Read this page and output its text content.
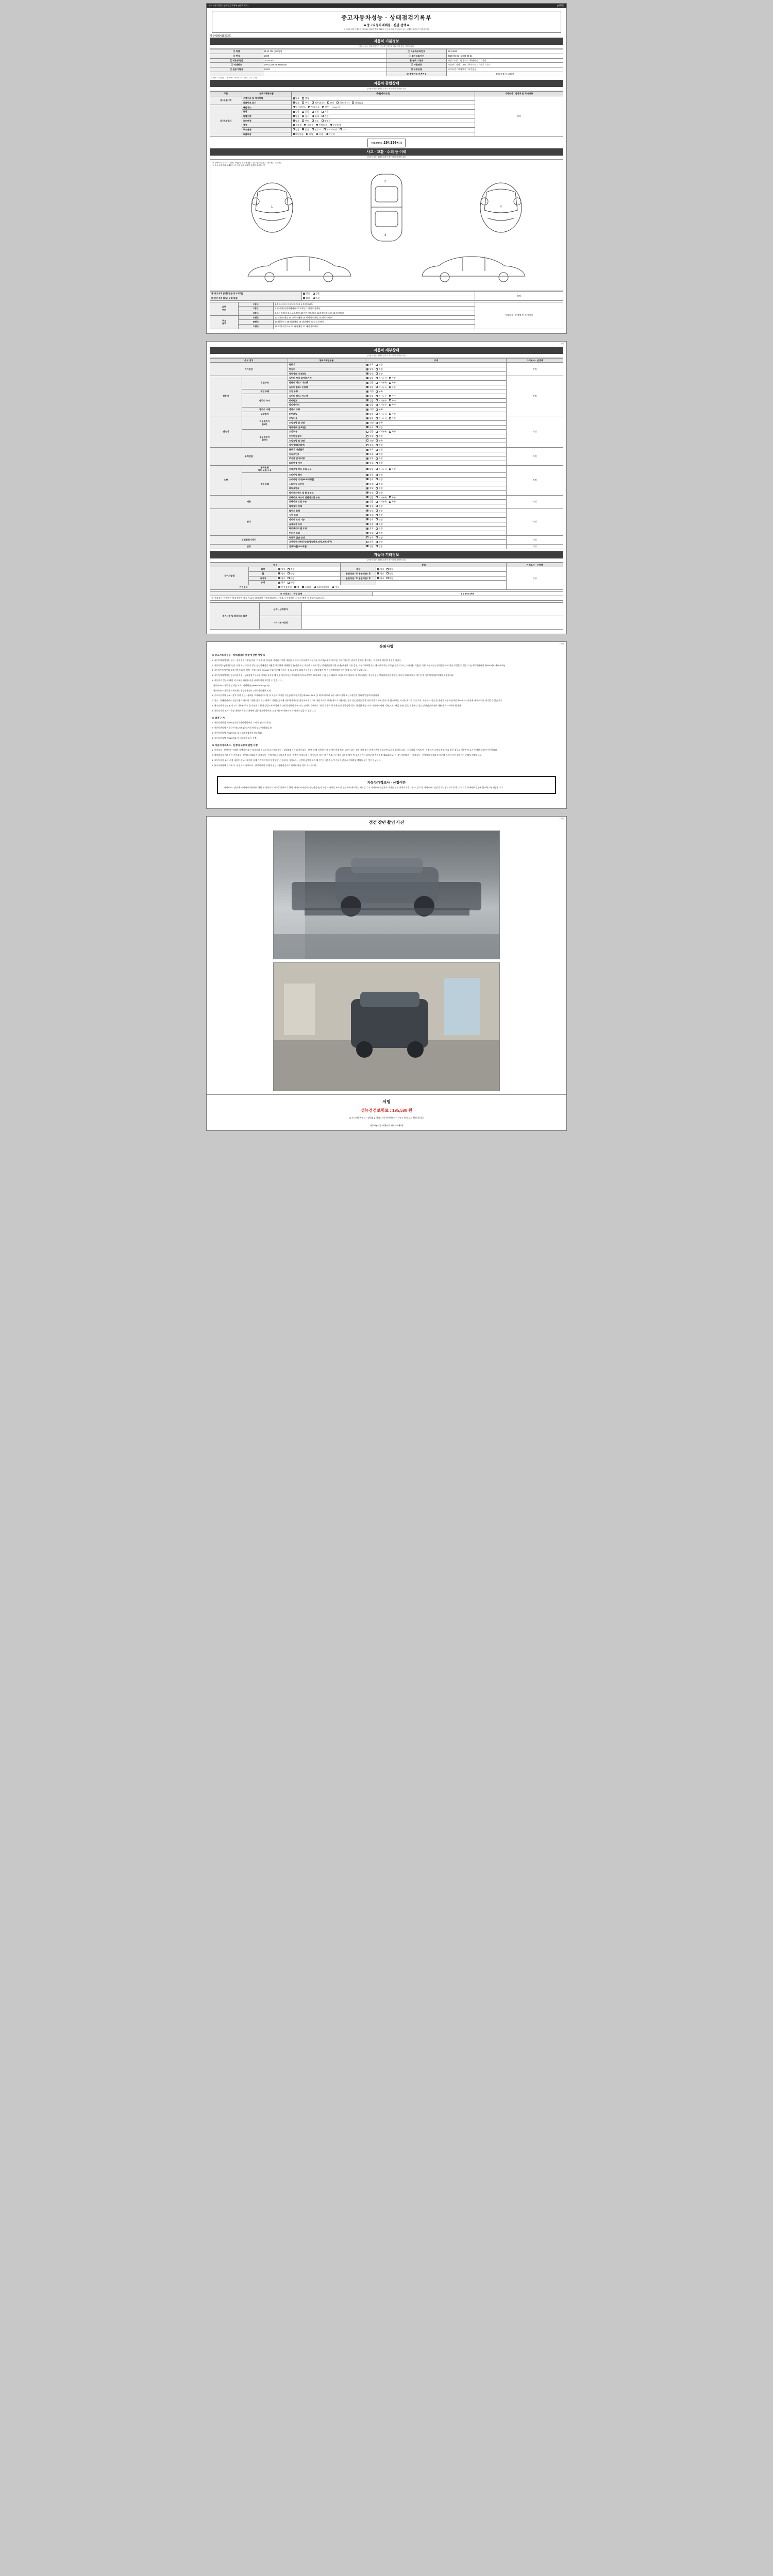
중고자동차성능·상태점검기록부 (제1호서식)	[시행일]
중고자동차성능 · 상태점검기록부
■ 중고자동차매매용 · 신관 선택 ■
자동차관리법시행규칙 제120조 제1항 별지 제82호 서식에 따라 자동차의 성능·상태를 점검하여 기록합니다.
제 74000415263호
자동차 기본정보
(자동차성능·상태점검자가 자동차등록증과 대조하여 확인·기재합니다)
① 차명	M-40 TDI (4WD)형	② 자동차등록번호	22가4841
③ 연식	2020	④ 검사유효기간	2020-06-01 ~ 2026-05-31
⑤ 최초등록일	2020-06-03	⑥ 변속기 종류	자동 / 수동 / 세미오토 / 무단변속기 / 기타
⑦ 차대번호	WAUZZZF23LN001156	⑧ 사용연료	가솔린 / 디젤 / LPG / 하이브리드 / 전기 / 기타
⑨ 원동기형식	DAFB	⑩ 보증유형	자가보증 / 보험보증 / 보증없음
		⑪ 주행거리 기준여부	0 0 0 0 0 (단위:km)
※ 연료 : 가솔린, 디젤, LPG, 하이브리드, 전기, 수소, 기타
자동차 종합상태
(자동차성능·상태점검자가 확인하여 기재합니다)
구분	항목 / 해당부품	상태(세부상태)	가격조사 · 산정액 및 특기사항
⑫ 사용이력	주행거리 및 계기상태	양호 불량	적정
	차대번호 표기	양호 부식 훼손(오손) 상이 변조(변타) 타각없음	
⑬ 주요장치	배출가스	일산화탄소 탄화수소 매연 % ppm %	
	튜닝	없음 있음 불법 적법	
	특별이력	없음 침수 화재 전손	
	용도변경	없음 렌트 리스 영업용	
	색상	무채색 유채색 전체도색 부분도색	
	주요옵션	없음 있음 선루프 내비게이션 기타	
	리콜대상	해당없음 해당 이행 미이행	
현재 주행거리 154,399km
사고 · 교환 · 수리 등 이력
(자동차성능·상태점검자가 확인하여 기재합니다)
※ 상태표시 부호 : X(교환) · W(판금 또는 용접) · C(부식) · A(흠집) · U(요철) · T(손상)
※ 주요 골격부위 상세확인 및 차량 외판 부위별 상태를 표기합니다
1
2
3
4
⑭ 사고이력 (교환/판금 등 수리됨)	없음 있음	적정
⑮ 단순수리 (판금·용접 없음)	없음 있음	
외판
부위	1랭크	1.후드 2.프론트팬더 3.도어 4.트렁크리드	가격조사 · 산정액 및 특기사항
	2랭크	5.쿼터패널(리어팬더) 6.루프패널 7.사이드실패널	
	3랭크	8.프론트패널 9.크로스멤버 10.인사이드패널 11.트렁크플로어 12.리어패널	
주요
골격	A랭크	13.프론트패널 14.크로스멤버 15.인사이드패널 16.사이드멤버	
	B랭크	17.휠하우스 18.필러패널 19.대쉬패널 20.플로어패널	
	C랭크	21.트렁크플로어 22.리어패널 23.패키지트레이	
[시행]
자동차 세부상태
(자동차성능·상태점검자가 확인하여 기재합니다)
주요 장치		항목 / 해당부품	상태	가격조사 · 산정액
자가진단		원동기	양호 불량	적정
		변속기	양호 불량	
		작동상태 (공회전)	양호 불량	
원동기	오일누유	실린더 커버 로커암 커버	없음 미세누유 누유	적정
		실린더 헤드 / 가스켓	없음 미세누유 누유	
		실린더 블록 / 오일팬	없음 미세누유 누유	
	오일 유량	오일 유량	적정 부족	
	냉각수 누수	실린더 헤드 / 가스켓	없음 미세누수 누수	
		워터펌프	없음 미세누수 누수	
		라디에이터	없음 미세누수 누수	
	냉각수 수량	냉각수 수량	적정 부족	
	고압펌프	커먼레일	없음 미세누유 누유	
변속기	자동변속기
(A/T)	오일누유	없음 미세누유 누유	적정
		오일유량 및 상태	적정 부족	
		작동상태 (공회전)	양호 불량	
	수동변속기
(M/T)	오일누유	없음 미세누유 누유	
		기어변속장치	양호 불량	
		오일유량 및 상태	적정 부족	
		작동상태(공회전)	양호 불량	
동력전달		클러치 어셈블리	양호 불량	적정
		등속조인트	양호 불량	
		추진축 및 베어링	양호 불량	
		디퍼렌셜 기어	양호 불량	
조향	동력조향
작동 오일 누유	동력조향 작동 오일 누유	없음 미세누유 누유	적정
	작동상태	스티어링 펌프	양호 불량	
		스티어링 기어(MDPS포함)	양호 불량	
		스티어링 조인트	양호 불량	
		파워크랭크	양호 불량	
		타이로드엔드 및 볼 조인트	양호 불량	
제동		브레이크 마스터 실린더오일 누유	없음 미세누유 누유	적정
		브레이크 오일 누유	없음 미세누유 누유	
		배력장치 상태	양호 불량	
전기		발전기 출력	양호 불량	적정
		시동 모터	양호 불량	
		와이퍼 모터 기능	양호 불량	
		실내송풍 모터	양호 불량	
		라디에이터 팬 모터	양호 불량	
		윈도우 모터	양호 불량	
고전원전기장치		충전구 절연 상태	양호 불량	적정
		고전원전기배선 상태(접속단자,피복,보호기구)	양호 불량	
연료		연료누출(LPG포함)	없음 있음	적정
자동차 기타정보
(자동차성능·상태점검자가 확인하여 기재합니다)
항목			상태		가격조사 · 산정액
사이드슬립	외장	양호 불량	내장	양호 불량	적정
	휠	양호 불량	운전석전 / 후 동반석전 / 후	양호 불량	
	타이어	양호 불량	운전석전 / 후 동반석전 / 후	양호 불량	
	유리	양호 불량			
기본품목		안전삼각대 잭 스패너 스페어타이어 기타			
※ 가격조사 · 산정 금액	0 0 0 0 0 만원
※ 가격조사·산정액은 보험개발원 제공 자료를 참고하여 산정하였으며, 가격조사·산정액은 자동차 매매 시 참고자료입니다.
특기사항 및 점검자의 의견	금액 · 상태평가	
	가격 · 조사산정	
[시행]
유의사항
※ 중고자동차성능 · 상태점검의 보증에 관한 사항 등

1. 자동차매매업자는 성능 · 상태점검기록부(이하 "기록부"라 한다)에 기재된 기재한 내용을 고지하지 아니하고 자동차를 고지할(소유자 매수인) 이하 "매수인" 권리가 발생한 경우에는 그 손해를 배상할 책임을 집니다.

2. 자동차양수(매매업자)가 거짓 또는 오류가 있는 성능상태점검 내용을 확인하여 매매한 경우(거짓 또는 과실에 의하여 성능·상태점검에 의한 실제) 내용이 다른 경우, 자동차매매업자는 매수인이 하는 보증(보증수리 또는 수리비용 지급)을 이행, 자동차성능상태점검자에 이를 구입할 수 있습니다.(자동차관리법 제58조의4, 제58조의5)

3. 자동차인도일부터 보증기간이 30일 이상, 주행거리가 2,000㎞ 이상(전손에 이르는 경우) 보증에 대해 자동차성능상태점검자 및 자동차매매업자에게 이행 요구할 수 있습니다.

4. 자동차매매업자는 중고자동차성 · 상태점검기록부에 기재된 고지할 때 현행 자동차성능·상태점검자의 보증범위 외에 교환·수리 등에 대하여 고지하여야 합니다. 또 보증범위는 자동차성능·상태점검자가 발행한 기록부 범위 내에서 매수인 및 자동차매매업자에게 보증합니다.

5. 자동차의 성능에 대한 더 자세한 사항은 다음 사이트에서 확인할 수 있습니다.

- 자동차365 : 자동차 상태를 조회 · 이력확인 (www.car365.go.kr)

- 자동차365 : 자동차 이력조회 / 해당등록정보 / 자동차종계통 조회

6. 중고자동차의 구조 · 장치 등의 성능 · 상태를 고지하지 아니한 자 자동차 고지한 자는 [자동차관리법] 제 80조 제6호 및 제7호에 따라 2년 이하의 징역 또는 2천만원 이하의 벌금에 처합니다.

7. 성능 · 상태점검자가 점검내용과 다르게 기재한 경우 또는 허위로 기재한 경우에 자동차대여사업(자동차매매업자에 대한 과태료 부과) 제도가 적용되는 경우 성능점검을 받은 자동차가 기준에 맞지 아니한 때에는 이의를 제기할 수 있으며, 자동차의 기술 등 내용을 자동차관리법 제58조의4 규정에 따라 이의를 제기할 수 있습니다.

8. 매수인에게 인정된 시고로 기록부 주요 골격 부위의 본래 정밀도에 구성된 요건에 발생하여 구조 또는 장치로 차대번호 · 원동기 형식 표기에 손상이 발생한 경우, 경미한 손상 수리 이외에 수리된 기록(교환 · 판금 등)이 있는 경우에는 성능·상태점검에 따른 내용이 표시되어야 합니다.

9. 자동차가격 조사 · 산정 내용은 자동차 매매에 대한 참고사항이며, 실제 자동차 매매가격과 차이가 있을 수 있습니다.

※ 법적 근거

1. 자동차관리법 제58조 (자동차관리사업자의 고지 및 관리의 의무)

2. 자동차관리법 시행규칙 제120조 (중고자동차의 성능·상태점검 등)

3. 자동차관리법 제58조의4 (성능상태점검자의 보증책임)

4. 자동차관리법 제58조의5 (자동차가격 조사·산정)

※ 자동차가격조사 · 산정의 보증에 관한 사항

1. 가격조사 · 산정자는 이때의 실행기준 또는 보증기의 의료의 품질기록의 성능 · 상태점검기록부(기록조사 · 산정 등)에 기재한 이후 등재된 차량 또는 상황이 있는 경우 제보 또는 관계기관에 통보하여 도움을 요청합니다. · 자동차의 가격조사 · 산정자의 공정성 확보 등을 위한 경우도 자동차의 표시 등재된 차량의 부분입니다.

2. 매매업자가 매수인이 가격조사 · 산정을 의뢰하여 가격조사 · 산정서를 자동차가격 조사 · 산정자에 발급해 주지 아니한 경우, 그 가격조사·산정의 내용을 확인 및 고지하여야 하며(자동차관리법 제58조의5), 이 경우 매매업자는 가격조사 · 산정액이 적정하게 기준에 미치지 못한 경우에는 손해를 배상합니다.

3. 자동차가격 조사·산정 내용은 참고사항이며 실제 가격과의 차이가 발생할 수 있으며, 가격조사 · 산정액 금액에 따라 매수인이 자동차를 인수하지 않거나 손해배상 책임을 갖는 것은 아닙니다.

4. 특기사항란에 가격조사 · 산정자의 가격조사 · 산정에 대한 견해가 성능 · 상태점검자의 견해와 다를 경우 표시됩니다.

자동차가격조사 · 산정이란
"가격조사 · 산정"은 소비자가 매매계약 체결 전 자동차의 가격을 알아보기 위해, 가격조사·산정자(성능점검자)가 차량의 가격을 조사 및 산정하여 제시하는 제도입니다. 가격조사·산정자의 가격은 실제 거래가격과 다를 수 있으며, 가격조사 · 산정 결과는 참고자료일 뿐, 소비자가 구매여부 결정에 참조하도록 제공됩니다.
[시행]
점검 장면 촬영 사진
서명
성능점검보험료 : 195,580 원
[1] 중고자동차성능 · 상태점검 결과 | 자동차가격조사 · 산정 1 부(중고차 확인)합니다.
자동차관리법 시행규칙 제120조제1항
